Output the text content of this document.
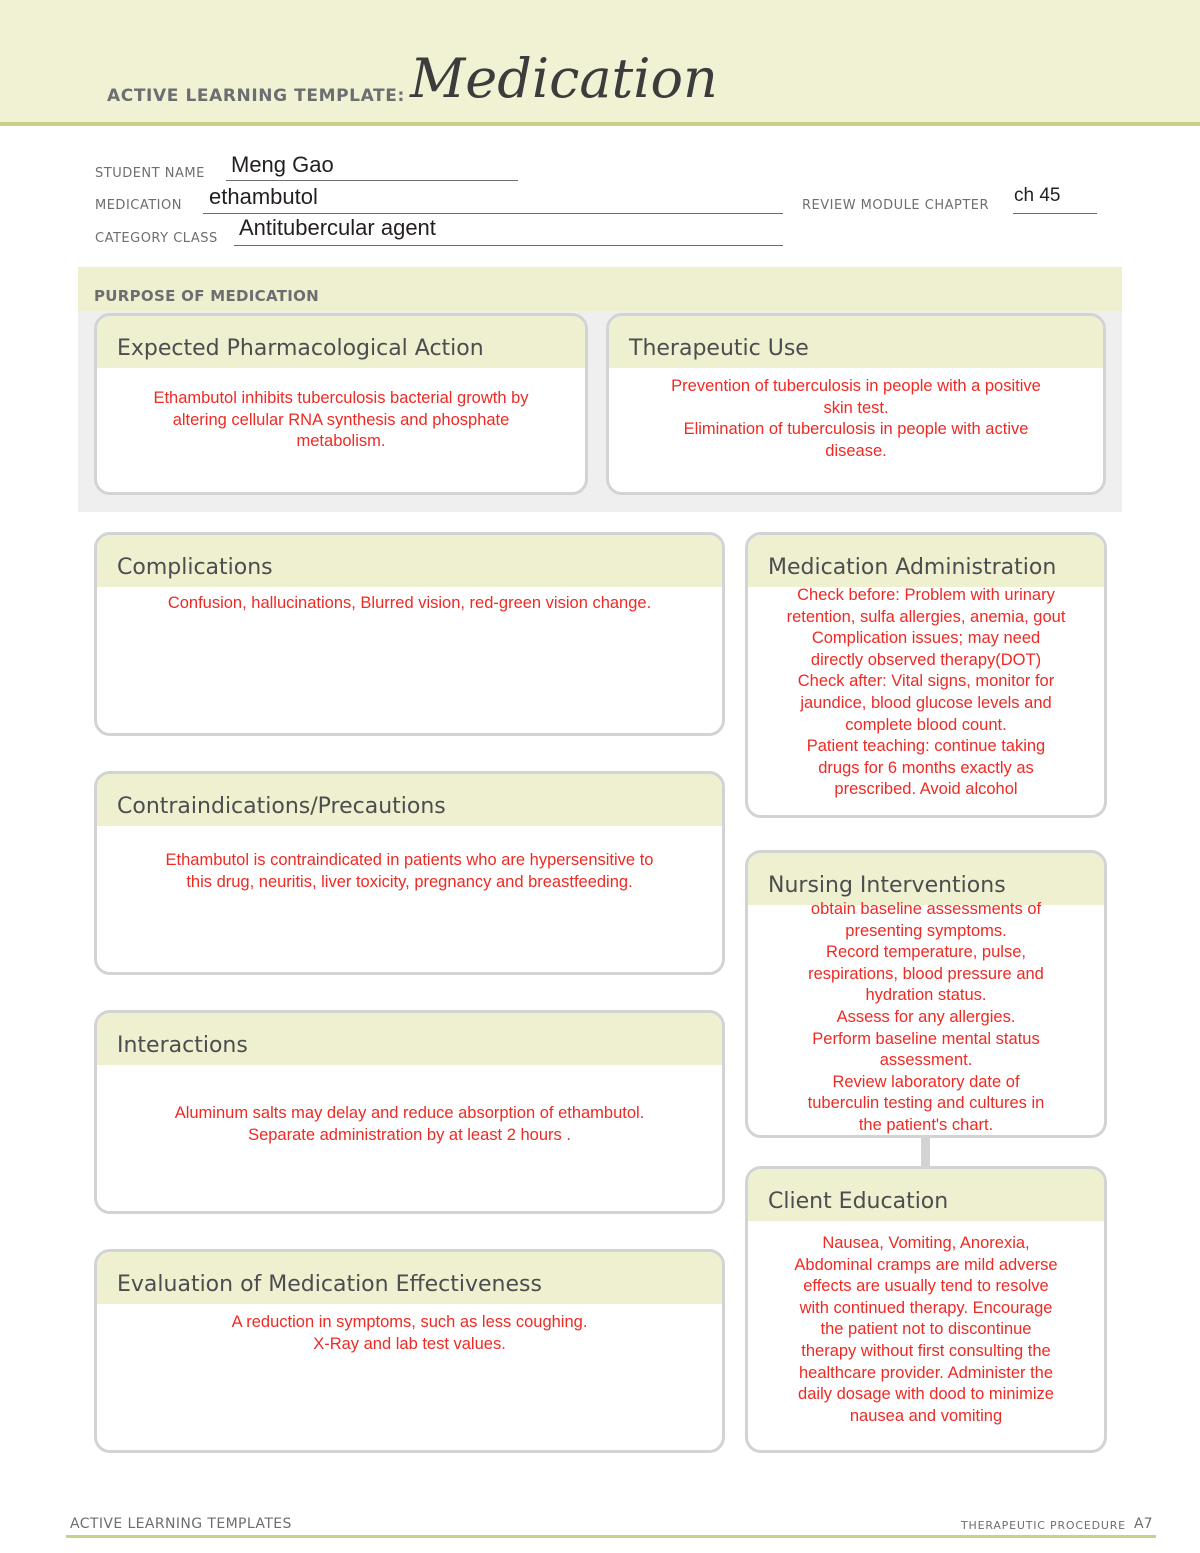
ACTIVE LEARNING TEMPLATE: Medication
STUDENT NAME Meng Gao
MEDICATION ethambutol	REVIEW MODULE CHAPTER ch 45
CATEGORY CLASS Antitubercular agent
PURPOSE OF MEDICATION
Expected Pharmacological Action
Ethambutol inhibits tuberculosis bacterial growth by
altering cellular RNA synthesis and phosphate
metabolism.
Therapeutic Use
Prevention of tuberculosis in people with a positive
skin test.
Elimination of tuberculosis in people with active
disease.
Complications
Confusion, hallucinations, Blurred vision, red-green vision change.
Contraindications/Precautions
Ethambutol is contraindicated in patients who are hypersensitive to
this drug, neuritis, liver toxicity, pregnancy and breastfeeding.
Interactions
Aluminum salts may delay and reduce absorption of ethambutol.
Separate administration by at least 2 hours .
Evaluation of Medication Effectiveness
A reduction in symptoms, such as less coughing.
X-Ray and lab test values.
Medication Administration
Check before: Problem with urinary
retention, sulfa allergies, anemia, gout
Complication issues; may need
directly observed therapy(DOT)
Check after: Vital signs, monitor for
jaundice, blood glucose levels and
complete blood count.
Patient teaching: continue taking
drugs for 6 months exactly as
prescribed. Avoid alcohol
Nursing Interventions
obtain baseline assessments of
presenting symptoms.
Record temperature, pulse,
respirations, blood pressure and
hydration status.
Assess for any allergies.
Perform baseline mental status
assessment.
Review laboratory date of
tuberculin testing and cultures in
the patient's chart.
Client Education
Nausea, Vomiting, Anorexia,
Abdominal cramps are mild adverse
effects are usually tend to resolve
with continued therapy. Encourage
the patient not to discontinue
therapy without first consulting the
healthcare provider. Administer the
daily dosage with dood to minimize
nausea and vomiting
ACTIVE LEARNING TEMPLATES	THERAPEUTIC PROCEDURE A7
